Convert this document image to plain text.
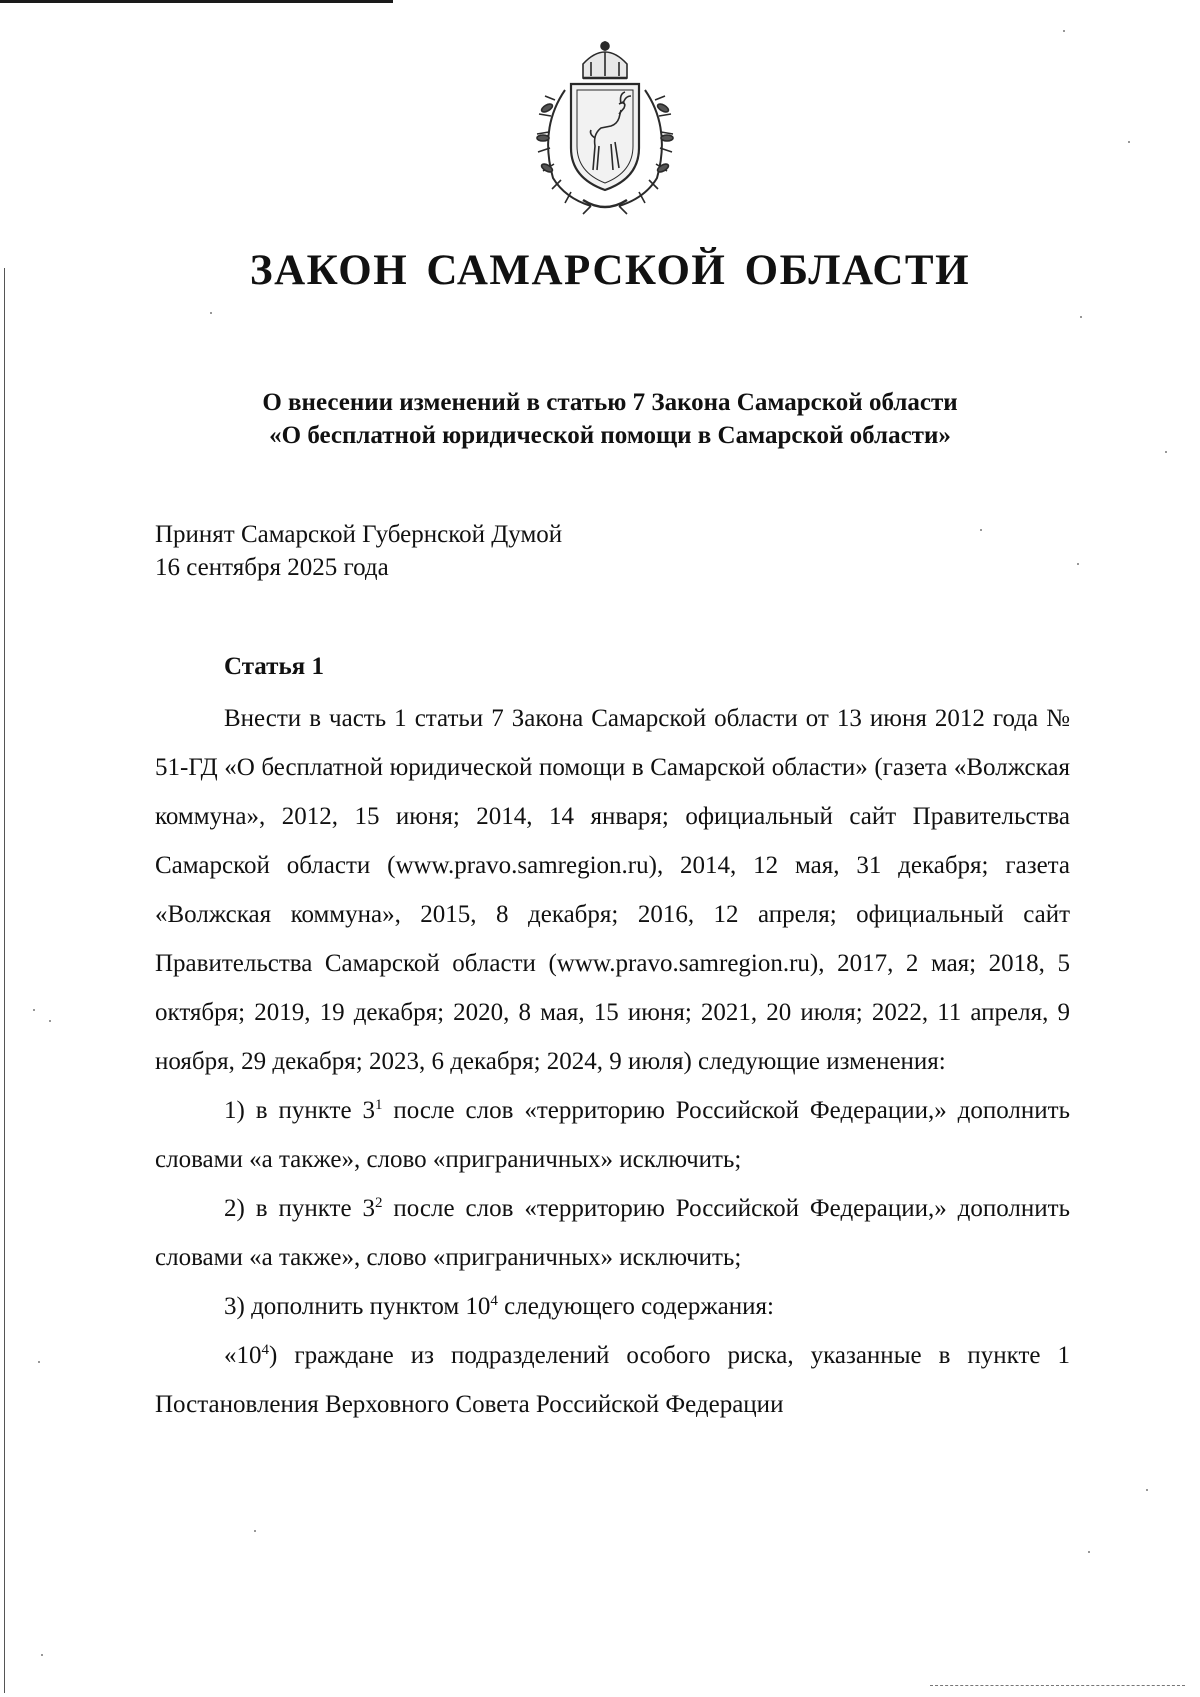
ЗАКОН САМАРСКОЙ ОБЛАСТИ
О внесении изменений в статью 7 Закона Самарской области
«О бесплатной юридической помощи в Самарской области»
Принят Самарской Губернской Думой
16 сентября 2025 года
Статья 1

Внести в часть 1 статьи 7 Закона Самарской области от 13 июня 2012 года № 51-ГД «О бесплатной юридической помощи в Самарской области» (газета «Волжская коммуна», 2012, 15 июня; 2014, 14 января; официальный сайт Правительства Самарской области (www.pravo.samregion.ru), 2014, 12 мая, 31 декабря; газета «Волжская коммуна», 2015, 8 декабря; 2016, 12 апреля; официальный сайт Правительства Самарской области (www.pravo.samregion.ru), 2017, 2 мая; 2018, 5 октября; 2019, 19 декабря; 2020, 8 мая, 15 июня; 2021, 20 июля; 2022, 11 апреля, 9 ноября, 29 декабря; 2023, 6 декабря; 2024, 9 июля) следующие изменения:

1) в пункте $3^1$ после слов «территорию Российской Федерации,» дополнить словами «а также», слово «приграничных» исключить;

2) в пункте $3^2$ после слов «территорию Российской Федерации,» дополнить словами «а также», слово «приграничных» исключить;

3) дополнить пунктом $10^4$ следующего содержания:

«$10^4$) граждане из подразделений особого риска, указанные в пункте 1 Постановления Верховного Совета Российской Федерации
